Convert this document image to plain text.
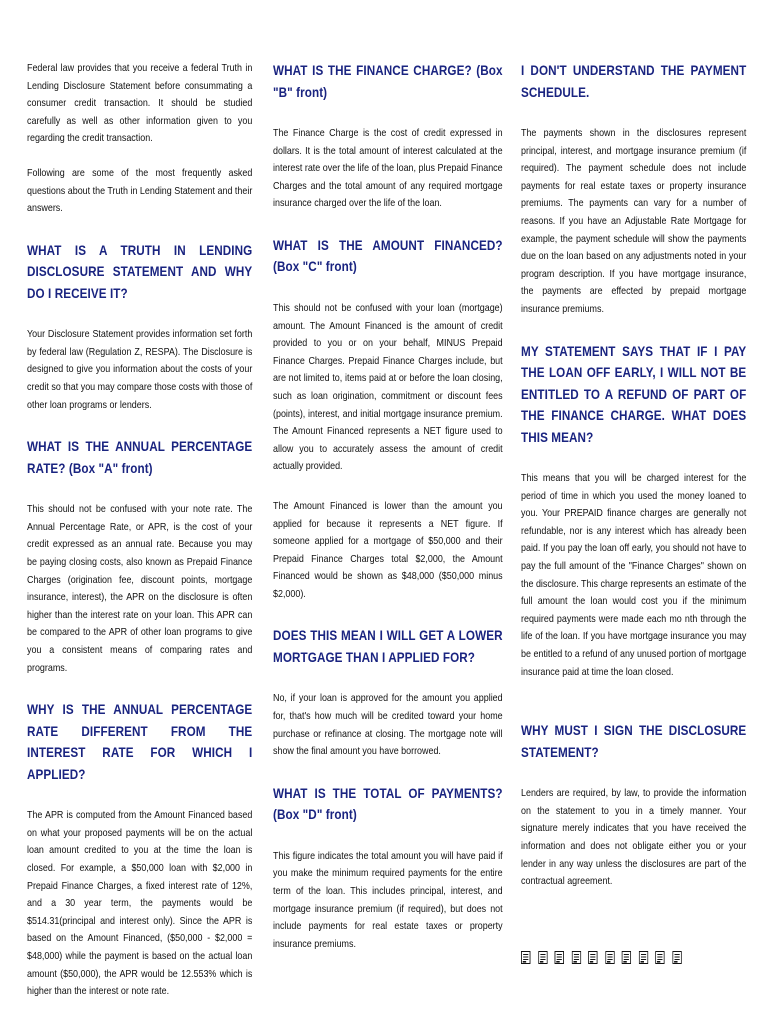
Federal law provides that you receive a federal Truth in Lending Disclosure Statement before consummating a consumer credit transaction. It should be studied carefully as well as other information given to you regarding the credit transaction.

Following are some of the most frequently asked questions about the Truth in Lending Statement and their answers.

WHAT IS A TRUTH IN LENDING DISCLOSURE STATEMENT AND WHY DO I RECEIVE IT?

Your Disclosure Statement provides information set forth by federal law (Regulation Z, RESPA). The Disclosure is designed to give you information about the costs of your credit so that you may compare those costs with those of other loan programs or lenders.

WHAT IS THE ANNUAL PERCENTAGE RATE? (Box "A" front)

This should not be confused with your note rate. The Annual Percentage Rate, or APR, is the cost of your credit expressed as an annual rate. Because you may be paying closing costs, also known as Prepaid Finance Charges (origination fee, discount points, mortgage insurance, interest), the APR on the disclosure is often higher than the interest rate on your loan. This APR can be compared to the APR of other loan programs to give you a consistent means of comparing rates and programs.

WHY IS THE ANNUAL PERCENTAGE RATE DIFFERENT FROM THE INTEREST RATE FOR WHICH I APPLIED?

The APR is computed from the Amount Financed based on what your proposed payments will be on the actual loan amount credited to you at the time the loan is closed. For example, a $50,000 loan with $2,000 in Prepaid Finance Charges, a fixed interest rate of 12%, and a 30 year term, the payments would be $514.31(principal and interest only). Since the APR is based on the Amount Financed, ($50,000 - $2,000 = $48,000) while the payment is based on the actual loan amount ($50,000), the APR would be 12.553% which is higher than the interest or note rate.

WHAT IS THE FINANCE CHARGE? (Box "B" front)

The Finance Charge is the cost of credit expressed in dollars. It is the total amount of interest calculated at the interest rate over the life of the loan, plus Prepaid Finance Charges and the total amount of any required mortgage insurance charged over the life of the loan.

WHAT IS THE AMOUNT FINANCED? (Box "C" front)

This should not be confused with your loan (mortgage) amount. The Amount Financed is the amount of credit provided to you or on your behalf, MINUS Prepaid Finance Charges. Prepaid Finance Charges include, but are not limited to, items paid at or before the loan closing, such as loan origination, commitment or discount fees (points), interest, and initial mortgage insurance premium. The Amount Financed represents a NET figure used to allow you to accurately assess the amount of credit actually provided.

The Amount Financed is lower than the amount you applied for because it represents a NET figure. If someone applied for a mortgage of $50,000 and their Prepaid Finance Charges total $2,000, the Amount Financed would be shown as $48,000 ($50,000 minus $2,000).

DOES THIS MEAN I WILL GET A LOWER MORTGAGE THAN I APPLIED FOR?

No, if your loan is approved for the amount you applied for, that's how much will be credited toward your home purchase or refinance at closing. The mortgage note will show the final amount you have borrowed.

WHAT IS THE TOTAL OF PAYMENTS? (Box "D" front)

This figure indicates the total amount you will have paid if you make the minimum required payments for the entire term of the loan. This includes principal, interest, and mortgage insurance premium (if required), but does not include payments for real estate taxes or property insurance premiums.

I DON'T UNDERSTAND THE PAYMENT SCHEDULE.

The payments shown in the disclosures represent principal, interest, and mortgage insurance premium (if required). The payment schedule does not include payments for real estate taxes or property insurance premiums. The payments can vary for a number of reasons. If you have an Adjustable Rate Mortgage for example, the payment schedule will show the payments due on the loan based on any adjustments noted in your program description. If you have mortgage insurance, the payments are effected by prepaid mortgage insurance premiums.

MY STATEMENT SAYS THAT IF I PAY THE LOAN OFF EARLY, I WILL NOT BE ENTITLED TO A REFUND OF PART OF THE FINANCE CHARGE. WHAT DOES THIS MEAN?

This means that you will be charged interest for the period of time in which you used the money loaned to you. Your PREPAID finance charges are generally not refundable, nor is any interest which has already been paid. If you pay the loan off early, you should not have to pay the full amount of the "Finance Charges" shown on the disclosure. This charge represents an estimate of the full amount the loan would cost you if the minimum required payments were made each mo nth through the life of the loan. If you have mortgage insurance you may be entitled to a refund of any unused portion of mortgage insurance paid at time the loan closed.

WHY MUST I SIGN THE DISCLOSURE STATEMENT?

Lenders are required, by law, to provide the information on the statement to you in a timely manner. Your signature merely indicates that you have received the information and does not obligate either you or your lender in any way unless the disclosures are part of the contractual agreement.
